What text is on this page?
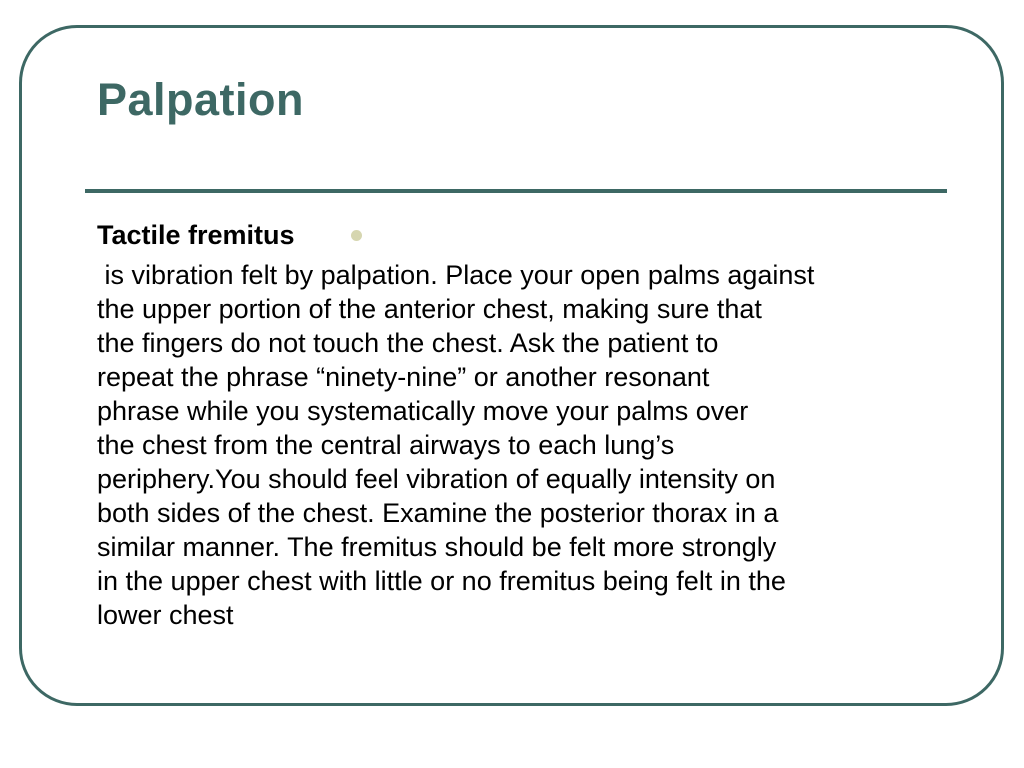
Palpation

Tactile fremitus

is vibration felt by palpation. Place your open palms against
the upper portion of the anterior chest, making sure that
the fingers do not touch the chest. Ask the patient to
repeat the phrase “ninety-nine” or another resonant
phrase while you systematically move your palms over
the chest from the central airways to each lung’s
periphery.You should feel vibration of equally intensity on
both sides of the chest. Examine the posterior thorax in a
similar manner. The fremitus should be felt more strongly
in the upper chest with little or no fremitus being felt in the
lower chest
